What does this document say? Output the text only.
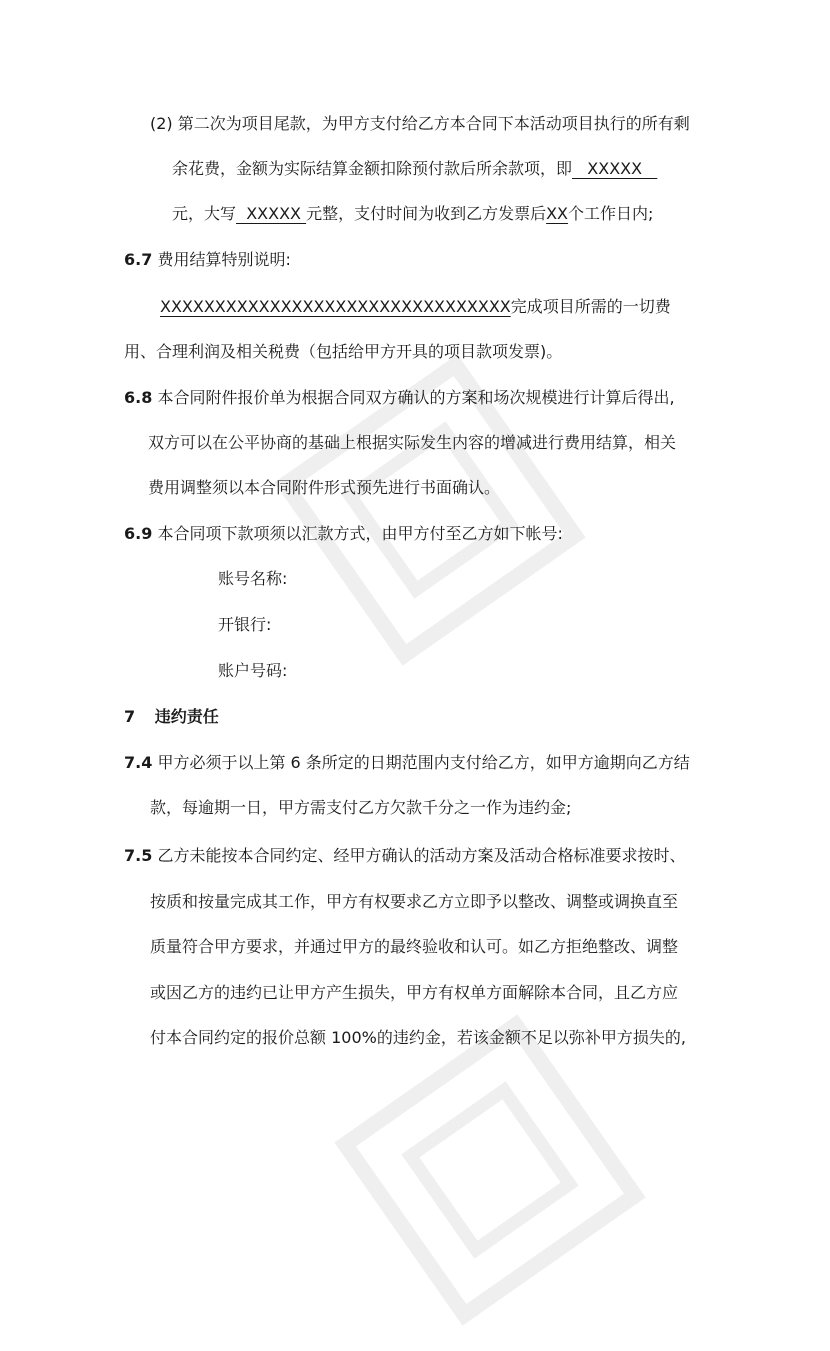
(2) 第二次为项目尾款，为甲方支付给乙方本合同下本活动项目执行的所有剩
余花费，金额为实际结算金额扣除预付款后所余款项，即   XXXXX
元，大写  XXXXX 元整，支付时间为收到乙方发票后XX个工作日内;
6.7 费用结算特别说明:
XXXXXXXXXXXXXXXXXXXXXXXXXXXXXXXX完成项目所需的一切费
用、合理利润及相关税费（包括给甲方开具的项目款项发票)。
6.8 本合同附件报价单为根据合同双方确认的方案和场次规模进行计算后得出,
双方可以在公平协商的基础上根据实际发生内容的增减进行费用结算，相关
费用调整须以本合同附件形式预先进行书面确认。
6.9 本合同项下款项须以汇款方式，由甲方付至乙方如下帐号:
账号名称:
开银行:
账户号码:
7 违约责任
7.4 甲方必须于以上第 6 条所定的日期范围内支付给乙方，如甲方逾期向乙方结
款，每逾期一日，甲方需支付乙方欠款千分之一作为违约金;
7.5 乙方未能按本合同约定、经甲方确认的活动方案及活动合格标准要求按时、
按质和按量完成其工作，甲方有权要求乙方立即予以整改、调整或调换直至
质量符合甲方要求，并通过甲方的最终验收和认可。如乙方拒绝整改、调整
或因乙方的违约已让甲方产生损失，甲方有权单方面解除本合同，且乙方应
付本合同约定的报价总额 100%的违约金，若该金额不足以弥补甲方损失的,
